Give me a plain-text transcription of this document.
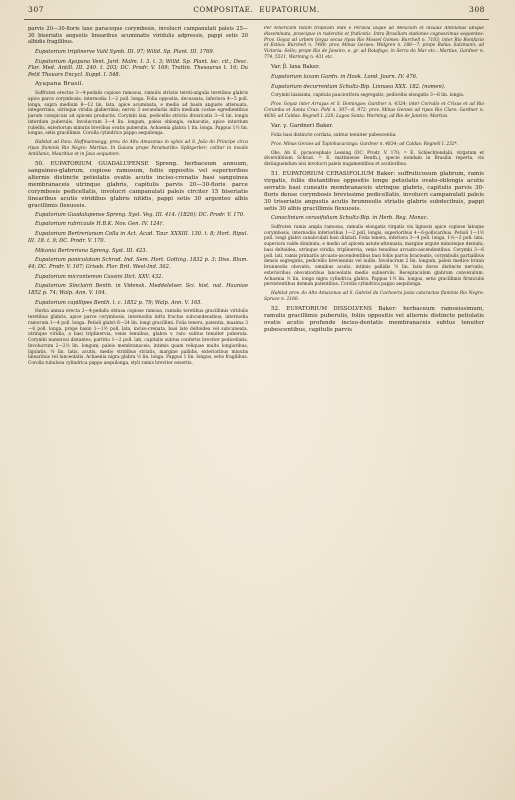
307	COMPOSITAE. EUPATORIUM.	308

parvis 20—30-floris laxe paraceque corymbosis, involucri campanulati paleis 25—30 biseriatis angustis linearibus acuminatis viridulis adpressis, pappi setis 20 albidis fragilibus.

Eupatorium triplinerve Vahl Symb. III. 97; Willd. Sp. Plant. III. 1769.

Eupatorium Ayapana Vent. Jard. Malm. I. 3. t. 3; Willd. Sp. Plant. loc. cit.; Desc. Flor. Med. Antill. III. 240. t. 203; DC. Prodr. V. 169; Trattin. Thesaurus t. 16; Du Petit Thouars Encycl. Suppl. I. 548.

Ayapana Brasil.

Suffrutex erectus 3—4-pedalis copiose ramosus, ramulis striatis tereti-angulis teretibus glabris apice parce corymbosis; internodia 1—2 poll. longa. Folia opposita, decussata, inferiora 4—5 poll. longa, supra medium 8—12 lin. lata, apice acuminata, e medio ad basin anguste attenuata, integerrima, utrinque viridia glaberrima; nervis 3 secundariis infra medium costae egredientibus parum conspicuis ad apicem productis. Corymbi laxi, pedicellis strictis divaricatis 3—6 lin. longis interdum puberulis. Involucrum 3—4 lin. longum, paleis oblongis, subacutis, apice interdum rubellis, exteriorum minutis brevibus ovatis puberulis. Achaenia glabra 1 lin. longa. Pappus 1½ lin. longus, setis gracillimis. Corolla cylindrica pappo aequilonga.

Habitat ad Para: Hoffmannsegg; prov. do Alto Amazonas in sylvis ad S. João do Principe circa ripas fluminis Rio Negro: Martius. In Guiana prope Paramaribo: Splitgerber; colitur in insulis Antillanis, Mauritius et in Java aequatore.

50. EUPATORIUM GUADALUPENSE Spreng. herbaceum annuum, sanguineo-glabrum, copiose ramosum, foliis oppositis vel superioribus alternis distincte petiolatis ovatis acutis inciso-crenatis basi sanguinea membranaceis utrinque glabris, capitulis parvis 20—30-floris parce corymbosis pedicellatis, involucri campanulati paleis circiter 15 biseriatis linearibus acutis viridibus glabris nitidis, pappi setis 30 argenteo albis gracillimis flexuosis.

Eupatorium Guadalupense Spreng. Syst. Veg. III. 414. (1826); DC. Prodr. V. 170.

Eupatorium rubricaule H.B.K. Nov. Gen. IV. 124†.

Eupatorium Bertrerianum Colla in Act. Acad. Taur. XXXIII. 130. t. 8; Hort. Ripul. III. 18. t. 9; DC. Prodr. V. 170.

Mikania Bertreriana Spreng. Syst. III. 423.

Eupatorium paniculatum Schrad. Ind. Sem. Hort. Gotting. 1832 p. 3; Diss. Blum. 44; DC. Prodr. V. 167; Griseb. Flor. Brit. West-Ind. 362.

Eupatorium micrantemon Cassini Dict. XXV. 432.

Eupatorium Sinclairii Benth. in Vidensk. Meddelelser. Sci. hist. nat. Hauniae 1852 p. 74; Walp. Ann. V. 164.

Eupatorium capillipes Benth. l. c. 1852 p. 79; Walp. Ann. V. 165.

Herba annua erecta 2—4-pedalis obtusa copiose ramosa, ramulis teretibus gracillimis viridulis teretibus glabris, apice parce corymbosis, internodiis infra fructus subcandensibus; internodia ramorum 1—4 poll. longa. Petioli glabri 6—24 lin. longi gracillimi. Folia tenera, patentia, maxima 3—6 poll. longa, prope basin 1—1½ poll. lata, inciso-crenata, basi late deltoidea vel subcuneata, utrinque viridia, a basi triplinervia, venis tenuibus, glabra v. raro subtus tenuiter puberula. Corymbi numerosi distantes, partitio 1—2 poll. lati, capitulis subtus confertis breviter pedicellatis. Involucrum 2—2½ lin. longum, paleis membranaceis, intimis quam reliquae multo longioribus, ligulatis, ½ lin. latis, acutis, medio viridibus striatis, margine pallidis, exterioribus minutis linearibus vel lanceolatis. Achaenia nigra glabra ½ lin. longa. Pappus 1 lin. longus, setis fragilibus. Corolla tubulosa cylindrica pappo aequilonga, styli ramis breviter exsertis.

Per Americam totam tropicam inde e Peruvia usque ad Mexicum et insulas Antillanas ubique disseminata, praecipue in ruderatis et fruticetis. Intra Brasiliam stationes cognoscimus sequentes: Prov. Goyaz ad urbem Goyaz secus ripas Rio Mossel Gomes: Burchell n. 7183; inter Rio Bonifacio et Estiva: Burchell n. 7480; prov. Minas Geraes: Widgren n. 186—7; prope Bahia: Salzmann; ad Victoria: Sello; prope Rio de Janeiro, e. gr. ad Botafogo, in Serra do Mar etc.: Martius, Gardner n. 774, 5511, Warming n. 431 etc.

Var. β. laxa Baker.

Eupatorium laxum Gardn. in Hook. Lond. Journ. IV. 476.

Eupatorium decurrentum Schultz-Bip. Linnaea XXX. 182. (nomen).

Corymbi laxissimi, capitula pauciorifora segregatis, pedicellis elongatis 3—6 lin. longis.

Prov. Goyaz inter Arrayas et S. Domingos: Gardner n. 4324; inter Corrallo et Crixas et ad Rio Corumba et Santa Cruz: Pohl n. 307—8, 972; prov. Minas Geraes ad ripas Rio Claro: Gardner n. 4836; ad Caldas: Regnell I. 228; Lagoa Santa: Warming; ad Rio de Janeiro: Martius.

Var. γ. Gardneri Baker.

Folia basi distincte cordata, subtus tenuiter pubescentia.

Prov. Minas Geraes ad Tapinhacaranga: Gardner n. 4834; ad Caldas: Regnell I. 232*.

Obs. Ab E. pycnocephalo Lessing (DC. Prodr. V. 170; = E. Schlechtendalii, virgatum et diversifolium Schrad. = E. mattinense Benth.), specie nondum in Brasilia reperta, vix distinguendum nisi involucri paleis nugamentibus et acutioribus.

51. EUPATORIUM CERASIFOLIUM Baker: suffruticosum glabrum, ramis virgatis, foliis distantibus oppositis longe petiolatis ovato-oblongis acutis serratis basi cuneatis membranaceis utrinque glabris, capitulis parvis 30-floris dense corymbosis brevissime pedicellatis, involucri campanulati paleis 30 triseriatis angustis acutis brunneolis striatis glabris subdecibuis, pappi setis 30 albis gracillimis flexuosis.

Conoclinium cerasifolium Schultz-Bip. in Herb. Reg. Monac.

Suffrutex ramis ampla ramosus, ramulis elongatis virgatis vix lignosis apice copiose latoque corymbosis, internodiis inferioribus 1—2 poll. longis, superioribus 4—6-pollicaribus. Petioli 1—1½ poll. longi glabri canaliculati basi dilatati. Folia tenera, inferiora 3—4 poll. longa, 1½—2 poll. lata, superiora valde diminuta, e medio ad apicem astute-attenuata, margine argute minuteque dentata, basi deltoidea, utrinque viridia, triplinervia, venis tenuibus arcuato-ascendentibus. Corymbi 3—6 poll. lati, ramis primariis arcuato-ascendentibus basi foliis parvis bracteatis, corymbulis partialibus densis segregatis, pedicellis brevissimis vel nullis. Involucrum 2 lin. longum, paleis medice brunn brunneolis obovatis, omnibus acutis, intimis pallidis ½ lin. latis dorso distincte nervatis, exterioribus obovatioribus lanceolatis medio subnerviis. Receptaculum glabrum convexulum. Achaenia ½ lin. longa nigra cylindrica glabra. Pappus 1½ lin. longus, setis gracillimis firmiculis persistentibus demum patentibus. Corolla cylindrica pappo aequilonga.

Habitat prov. do Alto Amazonas ad S. Gabriel da Cachoeira juxta cataractas fluminis Rio Negro: Spruce n. 2160.

52. EUPATORIUM DISSOLVENS Baker: herbaceum ramosissimum, ramulis gracillimis puberulis, foliis oppositis vel alternis distincte petiolatis ovatis acutis profunde inciso-dentatis membranaceis subtus tenuiter pubescentibus, capitulis parvis
